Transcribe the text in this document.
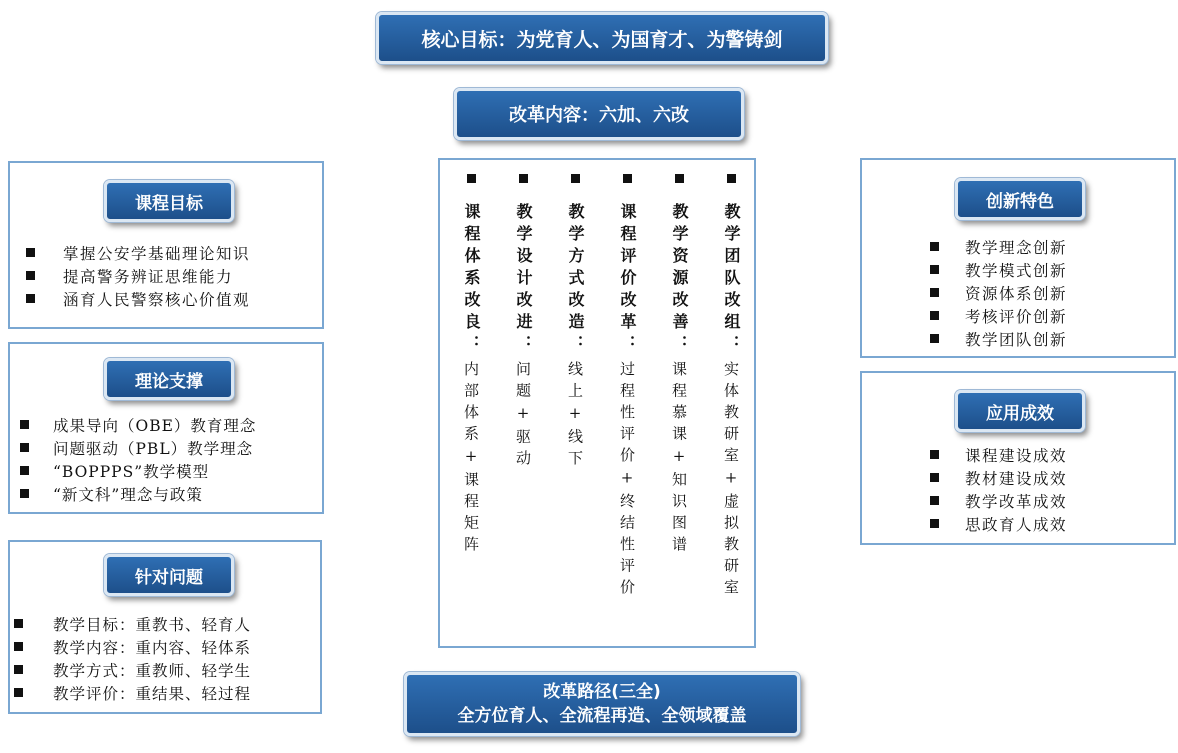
核心目标：为党育人、为国育才、为警铸剑
改革内容：六加、六改
课程体系改良：
内部体系+课程矩阵
教学设计改进：
问题+驱动
教学方式改造：
线上+线下
课程评价改革：
过程性评价+终结性评价
教学资源改善：
课程慕课+知识图谱
教学团队改组：
实体教研室+虚拟教研室
改革路径(三全)
全方位育人、全流程再造、全领域覆盖
课程目标
掌握公安学基础理论知识
提高警务辨证思维能力
涵育人民警察核心价值观
理论支撑
成果导向（OBE）教育理念
问题驱动（PBL）教学理念
“BOPPPS”教学模型
“新文科”理念与政策
针对问题
教学目标：重教书、轻育人
教学内容：重内容、轻体系
教学方式：重教师、轻学生
教学评价：重结果、轻过程
创新特色
教学理念创新
教学模式创新
资源体系创新
考核评价创新
教学团队创新
应用成效
课程建设成效
教材建设成效
教学改革成效
思政育人成效
